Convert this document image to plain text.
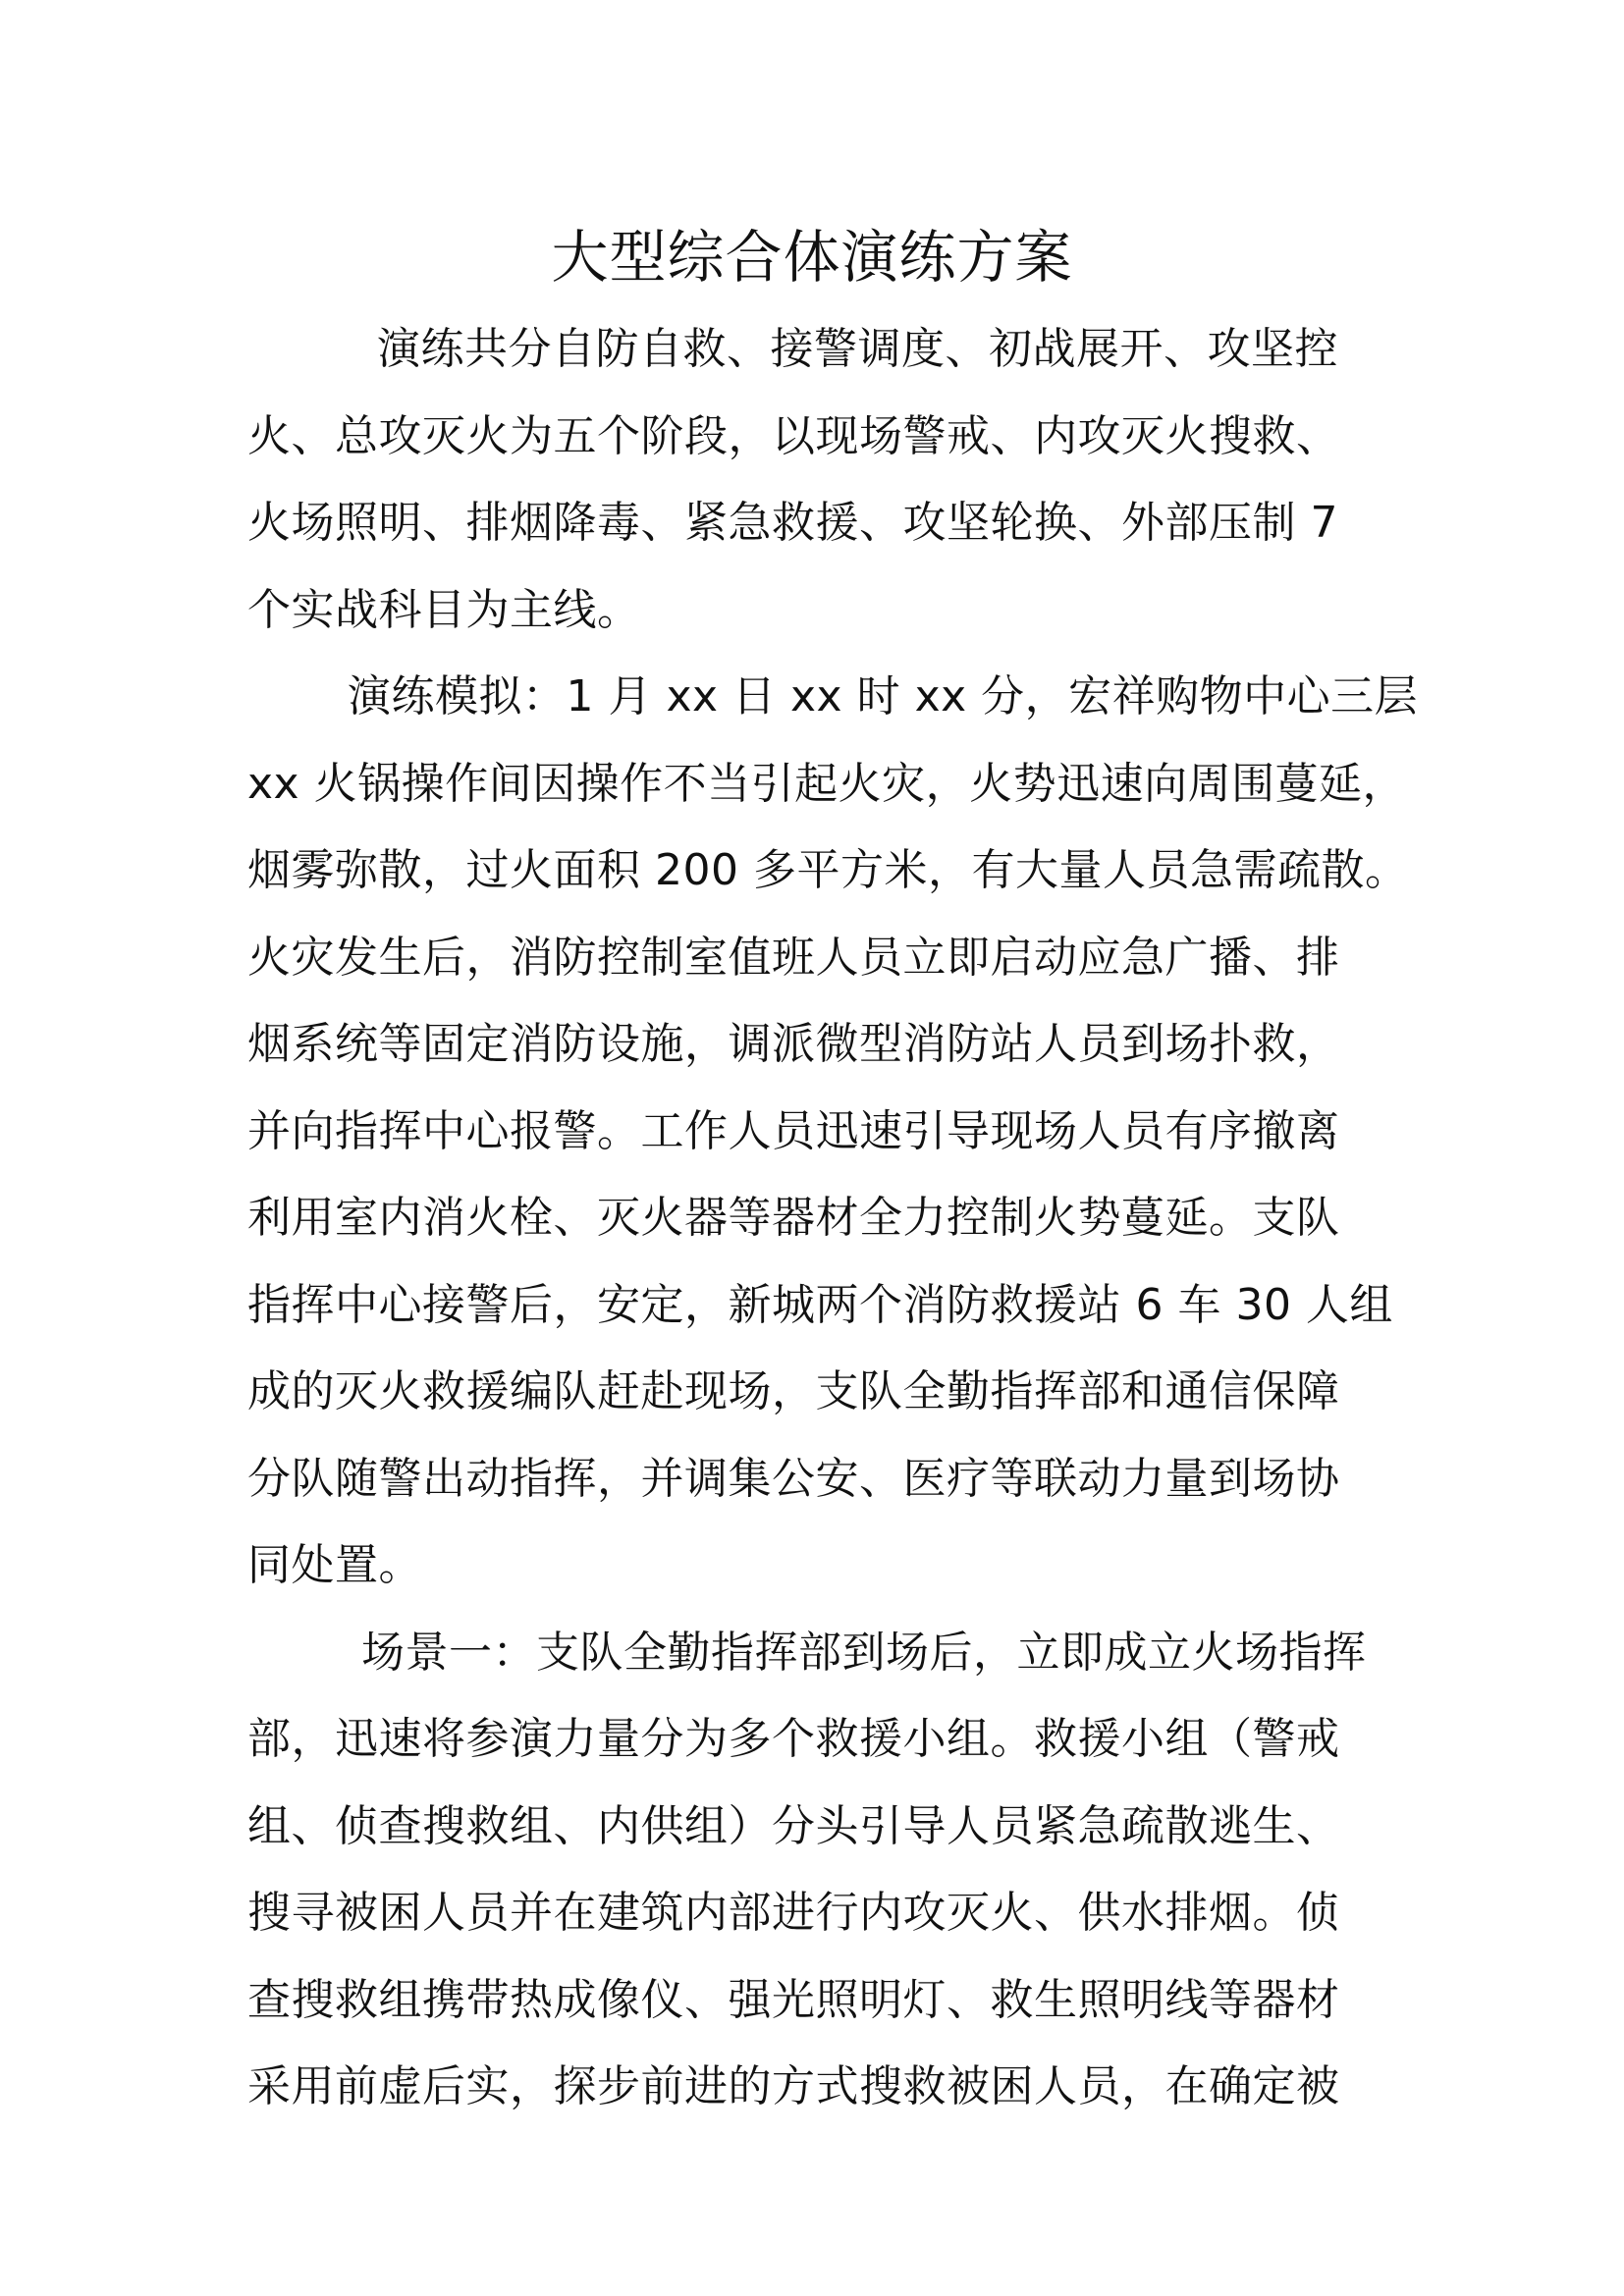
大型综合体演练方案
演练共分自防自救、接警调度、初战展开、攻坚控
火、总攻灭火为五个阶段，以现场警戒、内攻灭火搜救、
火场照明、排烟降毒、紧急救援、攻坚轮换、外部压制 7
个实战科目为主线。
演练模拟：1 月 xx 日 xx 时 xx 分，宏祥购物中心三层
xx 火锅操作间因操作不当引起火灾，火势迅速向周围蔓延，
烟雾弥散，过火面积 200 多平方米，有大量人员急需疏散。
火灾发生后，消防控制室值班人员立即启动应急广播、排
烟系统等固定消防设施，调派微型消防站人员到场扑救，
并向指挥中心报警。工作人员迅速引导现场人员有序撤离
利用室内消火栓、灭火器等器材全力控制火势蔓延。支队
指挥中心接警后，安定，新城两个消防救援站 6 车 30 人组
成的灭火救援编队赶赴现场，支队全勤指挥部和通信保障
分队随警出动指挥，并调集公安、医疗等联动力量到场协
同处置。
场景一：支队全勤指挥部到场后，立即成立火场指挥
部，迅速将参演力量分为多个救援小组。救援小组（警戒
组、侦查搜救组、内供组）分头引导人员紧急疏散逃生、
搜寻被困人员并在建筑内部进行内攻灭火、供水排烟。侦
查搜救组携带热成像仪、强光照明灯、救生照明线等器材
采用前虚后实，探步前进的方式搜救被困人员，在确定被
